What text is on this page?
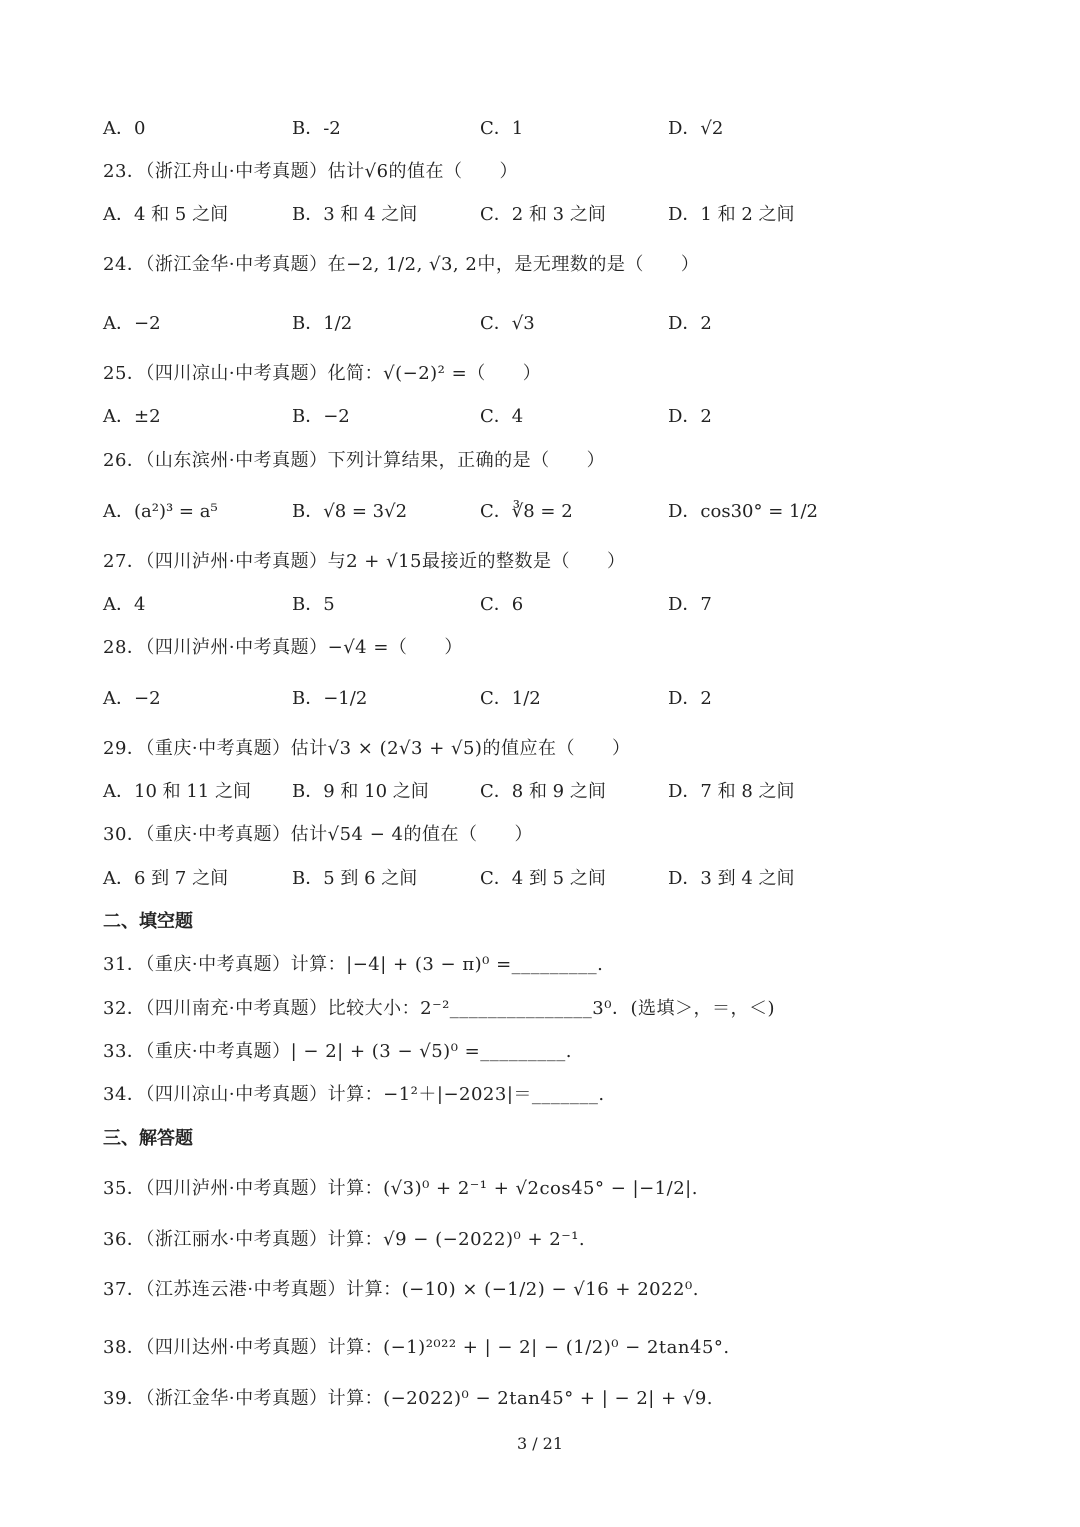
A．0	B．-2	C．1	D．√2
23．（浙江舟山·中考真题）估计√6的值在（　　）
A．4 和 5 之间	B．3 和 4 之间	C．2 和 3 之间	D．1 和 2 之间
24．（浙江金华·中考真题）在−2, 1/2, √3, 2中，是无理数的是（　　）
A．−2	B．1/2	C．√3	D．2
25．（四川凉山·中考真题）化简：√(−2)² =（　　）
A．±2	B．−2	C．4	D．2
26．（山东滨州·中考真题）下列计算结果，正确的是（　　）
A．(a²)³ = a⁵	B．√8 = 3√2	C．∛8 = 2	D．cos30° = 1/2
27．（四川泸州·中考真题）与2 + √15最接近的整数是（　　）
A．4	B．5	C．6	D．7
28．（四川泸州·中考真题）−√4 =（　　）
A．−2	B．−1/2	C．1/2	D．2
29．（重庆·中考真题）估计√3 × (2√3 + √5)的值应在（　　）
A．10 和 11 之间 B．9 和 10 之间	C．8 和 9 之间	D．7 和 8 之间
30．（重庆·中考真题）估计√54 − 4的值在（　　）
A．6 到 7 之间	B．5 到 6 之间	C．4 到 5 之间	D．3 到 4 之间
二、填空题
31．（重庆·中考真题）计算：|−4| + (3 − π)⁰ =_________.
32．（四川南充·中考真题）比较大小：2⁻²_______________3⁰．(选填＞，＝，＜)
33．（重庆·中考真题）| − 2| + (3 − √5)⁰ =_________.
34．（四川凉山·中考真题）计算：−1²＋|−2023|＝_______.
三、解答题
35．（四川泸州·中考真题）计算：(√3)⁰ + 2⁻¹ + √2cos45° − |−1/2|.
36．（浙江丽水·中考真题）计算：√9 − (−2022)⁰ + 2⁻¹.
37．（江苏连云港·中考真题）计算：(−10) × (−1/2) − √16 + 2022⁰.
38．（四川达州·中考真题）计算：(−1)²⁰²² + | − 2| − (1/2)⁰ − 2tan45°.
39．（浙江金华·中考真题）计算：(−2022)⁰ − 2tan45° + | − 2| + √9.
3 / 21
